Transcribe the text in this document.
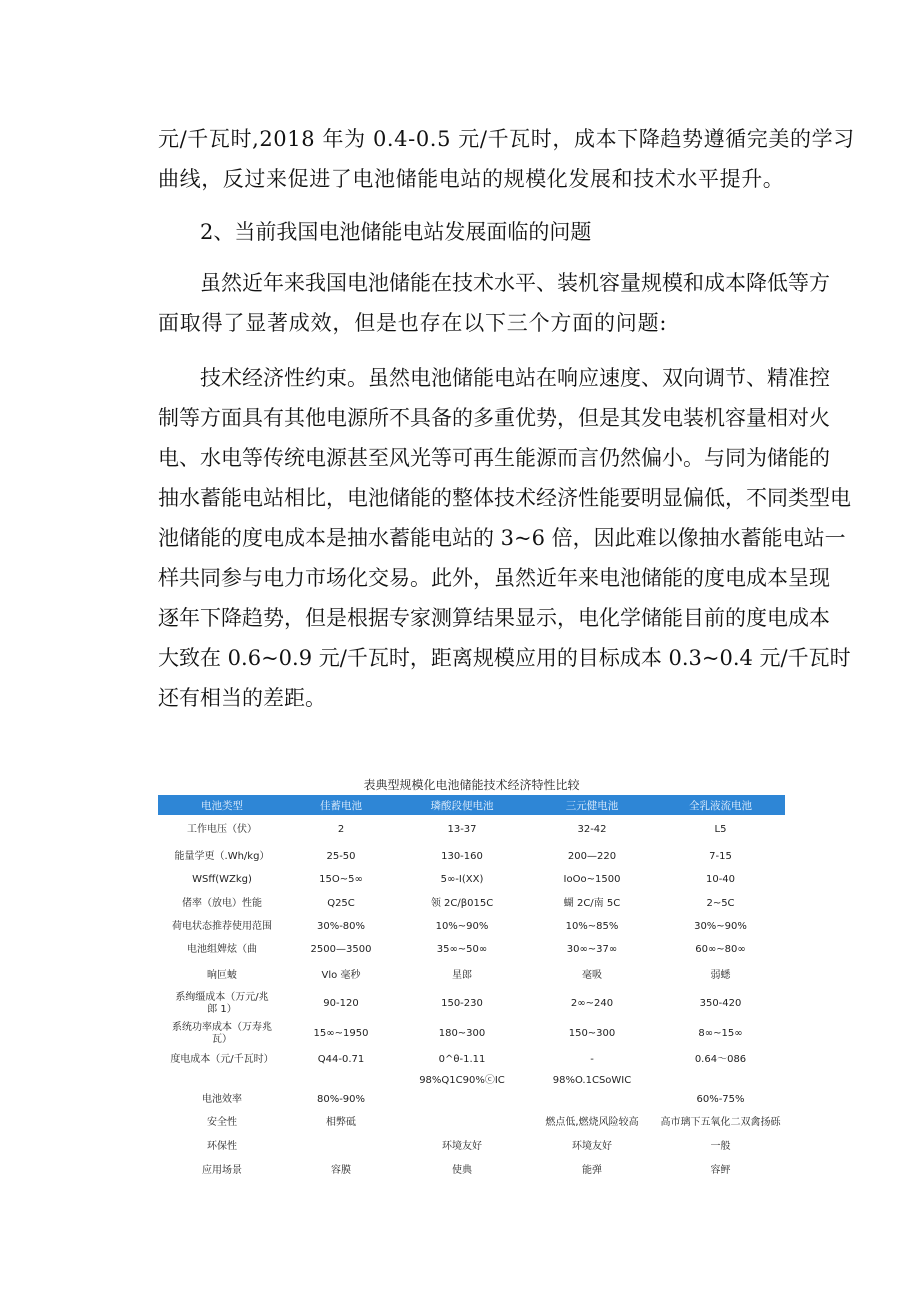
元/千瓦时,2018 年为 0.4-0.5 元/千瓦时，成本下降趋势遵循完美的学习
曲线，反过来促进了电池储能电站的规模化发展和技术水平提升。
2、当前我国电池储能电站发展面临的问题
虽然近年来我国电池储能在技术水平、装机容量规模和成本降低等方
面取得了显著成效，但是也存在以下三个方面的问题:
技术经济性约束。虽然电池储能电站在响应速度、双向调节、精准控
制等方面具有其他电源所不具备的多重优势，但是其发电装机容量相对火
电、水电等传统电源甚至风光等可再生能源而言仍然偏小。与同为储能的
抽水蓄能电站相比，电池储能的整体技术经济性能要明显偏低，不同类型电
池储能的度电成本是抽水蓄能电站的 3~6 倍，因此难以像抽水蓄能电站一
样共同参与电力市场化交易。此外，虽然近年来电池储能的度电成本呈现
逐年下降趋势，但是根据专家测算结果显示，电化学储能目前的度电成本
大致在 0.6~0.9 元/千瓦时，距离规模应用的目标成本 0.3~0.4 元/千瓦时
还有相当的差距。
表典型规模化电池储能技术经济特性比较
电池类型	佳蓄电池	璘酸段便电池	三元健电池	全乳液流电池
工作电压（伏）	2	13-37	32-42	L5
能量学更（.Wh/kg）	25-50	130-160	200—220	7-15
WSff(WZkg)	15O~5∞	5∞-I(XX)	IoOo~1500	10-40
偖率（放电）性能	Q25C	领 2C∕β015C	蝴 2C/南 5C	2~5C
荷电状态推荐使用范围	30%-80%	10%~90%	10%~85%	30%~90%
电池组婢炫（曲	2500—3500	35∞~50∞	30∞~37∞	60∞~80∞
晌叵蚾	Vlo 毫秒	星郎	毫吸	弱蟋
系绚缰成本（万元/兆
郎 1）	90-120	150-230	2∞~240	350-420
系统功率成本（万寿兆
瓦）	15∞~1950	180~300	150~300	8∞~15∞
度电成本（元/千瓦时）	Q44-0.71	0^θ-1.11	-	0.64～086
电池效率	80%-90%	98%Q1C90%ⓒIC	98%O.1CSoWIC	60%-75%
安全性	相弊砥		燃点低,燃烧风险较高	高市璃下五氧化二双禽扬砾
环保性		环境友好	环境友好	一般
应用场景	容膜	使典	能弹	容鲆
